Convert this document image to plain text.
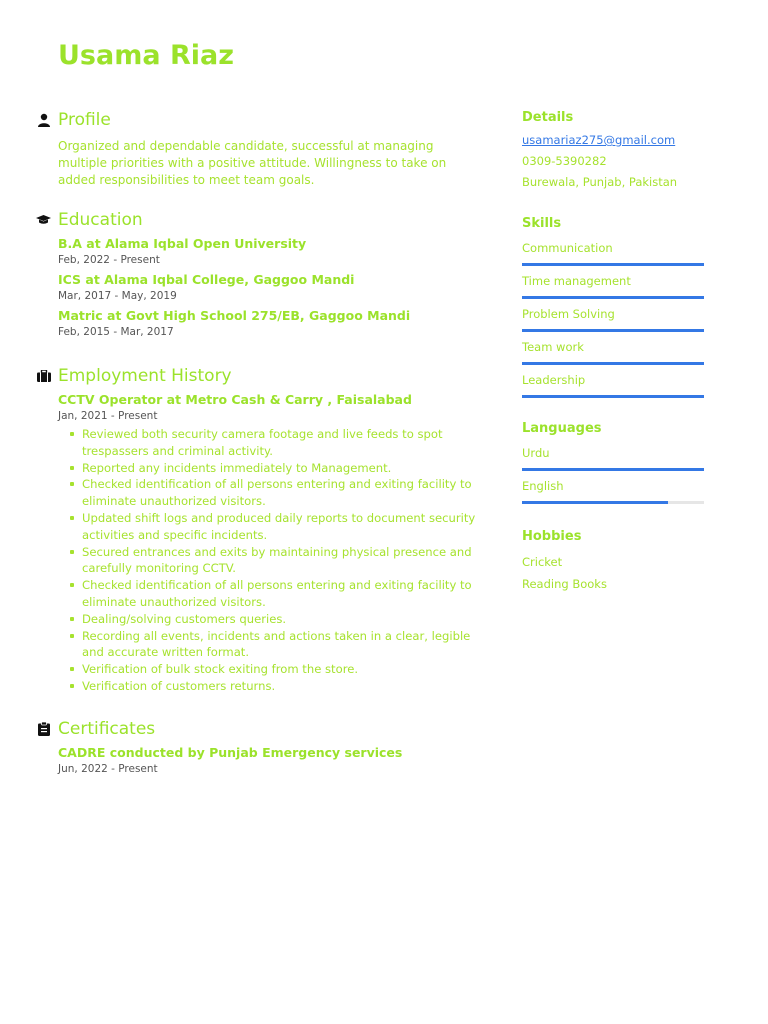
Usama Riaz
Profile
Organized and dependable candidate, successful at managing multiple priorities with a positive attitude. Willingness to take on added responsibilities to meet team goals.
Education
B.A at Alama Iqbal Open University
Feb, 2022 - Present
ICS at Alama Iqbal College, Gaggoo Mandi
Mar, 2017 - May, 2019
Matric at Govt High School 275/EB, Gaggoo Mandi
Feb, 2015 - Mar, 2017
Employment History
CCTV Operator at Metro Cash & Carry , Faisalabad
Jan, 2021 - Present
Reviewed both security camera footage and live feeds to spot trespassers and criminal activity.
Reported any incidents immediately to Management.
Checked identification of all persons entering and exiting facility to eliminate unauthorized visitors.
Updated shift logs and produced daily reports to document security activities and specific incidents.
Secured entrances and exits by maintaining physical presence and carefully monitoring CCTV.
Checked identification of all persons entering and exiting facility to eliminate unauthorized visitors.
Dealing/solving customers queries.
Recording all events, incidents and actions taken in a clear, legible and accurate written format.
Verification of bulk stock exiting from the store.
Verification of customers returns.
Certificates
CADRE conducted by Punjab Emergency services
Jun, 2022 - Present
Details
usamariaz275@gmail.com
0309-5390282
Burewala, Punjab, Pakistan
Skills
Communication
Time management
Problem Solving
Team work
Leadership
Languages
Urdu
English
Hobbies
Cricket
Reading Books
